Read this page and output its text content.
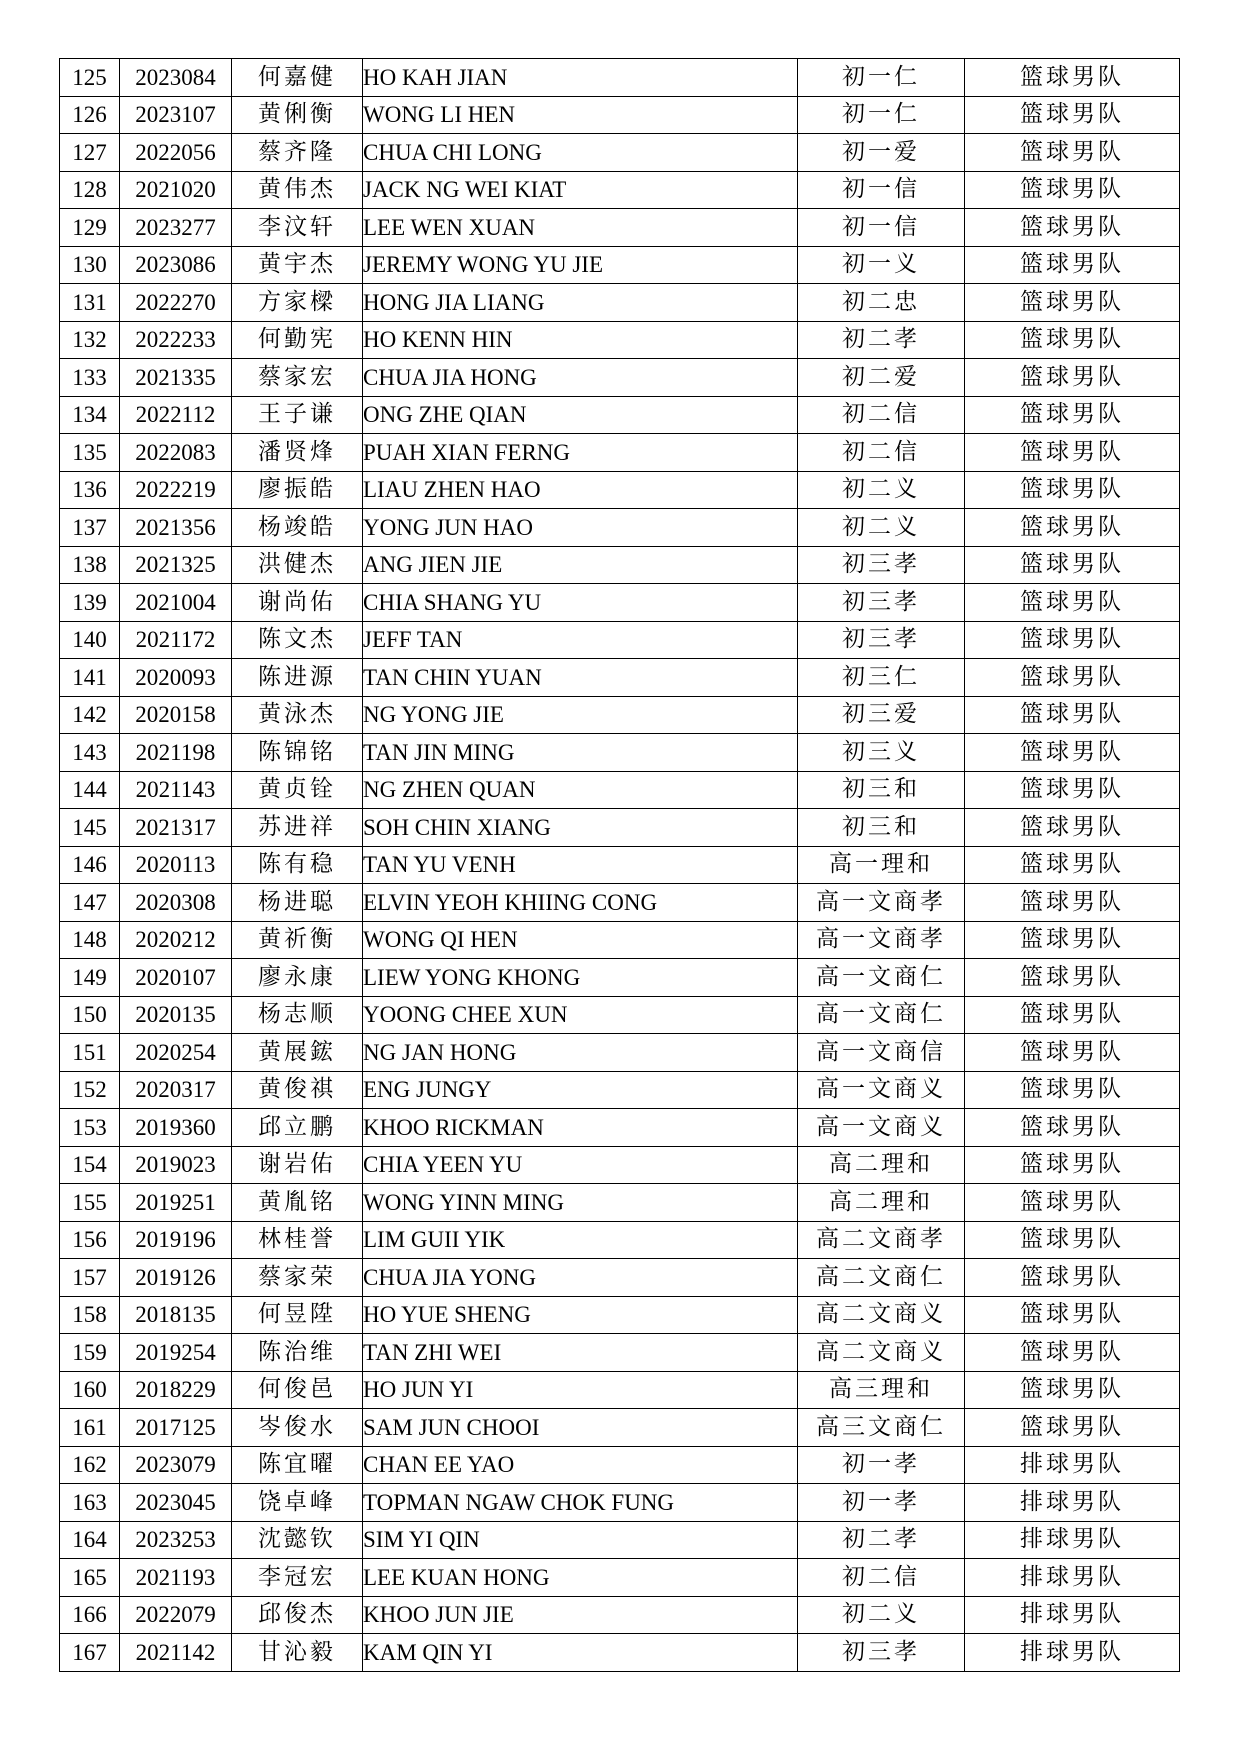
125	2023084	何嘉健	HO KAH JIAN	初一仁	篮球男队
126	2023107	黄俐衡	WONG LI HEN	初一仁	篮球男队
127	2022056	蔡齐隆	CHUA CHI LONG	初一爱	篮球男队
128	2021020	黄伟杰	JACK NG WEI KIAT	初一信	篮球男队
129	2023277	李汶轩	LEE WEN XUAN	初一信	篮球男队
130	2023086	黄宇杰	JEREMY WONG YU JIE	初一义	篮球男队
131	2022270	方家樑	HONG JIA LIANG	初二忠	篮球男队
132	2022233	何勤宪	HO KENN HIN	初二孝	篮球男队
133	2021335	蔡家宏	CHUA JIA HONG	初二爱	篮球男队
134	2022112	王子谦	ONG ZHE QIAN	初二信	篮球男队
135	2022083	潘贤烽	PUAH XIAN FERNG	初二信	篮球男队
136	2022219	廖振皓	LIAU ZHEN HAO	初二义	篮球男队
137	2021356	杨竣皓	YONG JUN HAO	初二义	篮球男队
138	2021325	洪健杰	ANG JIEN JIE	初三孝	篮球男队
139	2021004	谢尚佑	CHIA SHANG YU	初三孝	篮球男队
140	2021172	陈文杰	JEFF TAN	初三孝	篮球男队
141	2020093	陈进源	TAN CHIN YUAN	初三仁	篮球男队
142	2020158	黄泳杰	NG YONG JIE	初三爱	篮球男队
143	2021198	陈锦铭	TAN JIN MING	初三义	篮球男队
144	2021143	黄贞铨	NG ZHEN QUAN	初三和	篮球男队
145	2021317	苏进祥	SOH CHIN XIANG	初三和	篮球男队
146	2020113	陈有稳	TAN YU VENH	高一理和	篮球男队
147	2020308	杨进聪	ELVIN YEOH KHIING CONG	高一文商孝	篮球男队
148	2020212	黄祈衡	WONG QI HEN	高一文商孝	篮球男队
149	2020107	廖永康	LIEW YONG KHONG	高一文商仁	篮球男队
150	2020135	杨志顺	YOONG CHEE XUN	高一文商仁	篮球男队
151	2020254	黄展鋐	NG JAN HONG	高一文商信	篮球男队
152	2020317	黄俊祺	ENG JUNGY	高一文商义	篮球男队
153	2019360	邱立鹏	KHOO RICKMAN	高一文商义	篮球男队
154	2019023	谢岩佑	CHIA YEEN YU	高二理和	篮球男队
155	2019251	黄胤铭	WONG YINN MING	高二理和	篮球男队
156	2019196	林桂誉	LIM GUII YIK	高二文商孝	篮球男队
157	2019126	蔡家荣	CHUA JIA YONG	高二文商仁	篮球男队
158	2018135	何昱陞	HO YUE SHENG	高二文商义	篮球男队
159	2019254	陈治维	TAN ZHI WEI	高二文商义	篮球男队
160	2018229	何俊邑	HO JUN YI	高三理和	篮球男队
161	2017125	岑俊水	SAM JUN CHOOI	高三文商仁	篮球男队
162	2023079	陈宜曜	CHAN EE YAO	初一孝	排球男队
163	2023045	饶卓峰	TOPMAN NGAW CHOK FUNG	初一孝	排球男队
164	2023253	沈懿钦	SIM YI QIN	初二孝	排球男队
165	2021193	李冠宏	LEE KUAN HONG	初二信	排球男队
166	2022079	邱俊杰	KHOO JUN JIE	初二义	排球男队
167	2021142	甘沁毅	KAM QIN YI	初三孝	排球男队
